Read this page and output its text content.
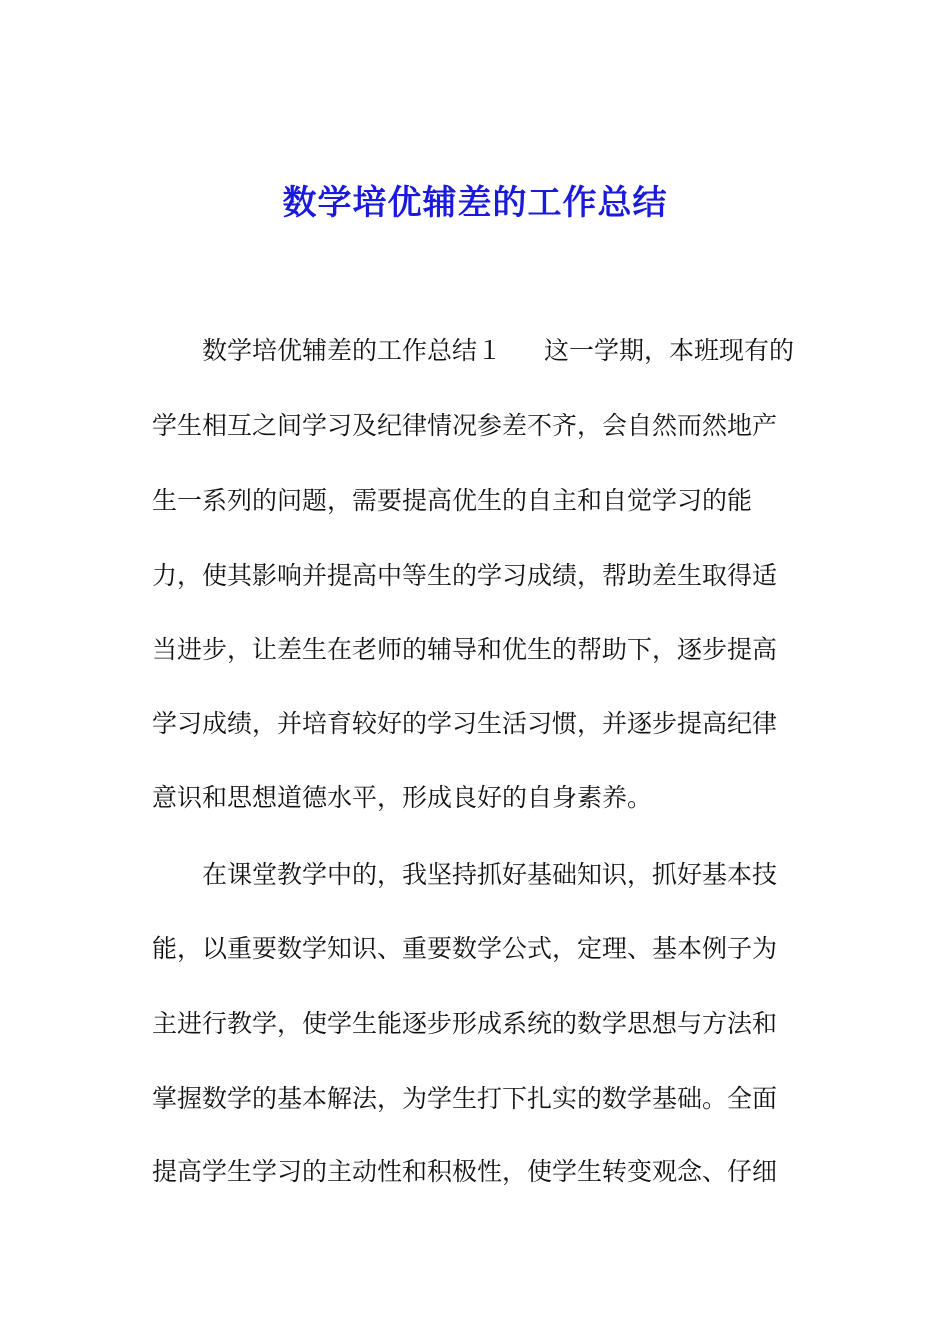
数学培优辅差的工作总结
数学培优辅差的工作总结１ 这一学期，本班现有的
学生相互之间学习及纪律情况参差不齐，会自然而然地产
生一系列的问题，需要提高优生的自主和自觉学习的能
力，使其影响并提高中等生的学习成绩，帮助差生取得适
当进步，让差生在老师的辅导和优生的帮助下，逐步提高
学习成绩，并培育较好的学习生活习惯，并逐步提高纪律
意识和思想道德水平，形成良好的自身素养。
在课堂教学中的，我坚持抓好基础知识，抓好基本技
能，以重要数学知识、重要数学公式，定理、基本例子为
主进行教学，使学生能逐步形成系统的数学思想与方法和
掌握数学的基本解法，为学生打下扎实的数学基础。全面
提高学生学习的主动性和积极性，使学生转变观念、仔细
